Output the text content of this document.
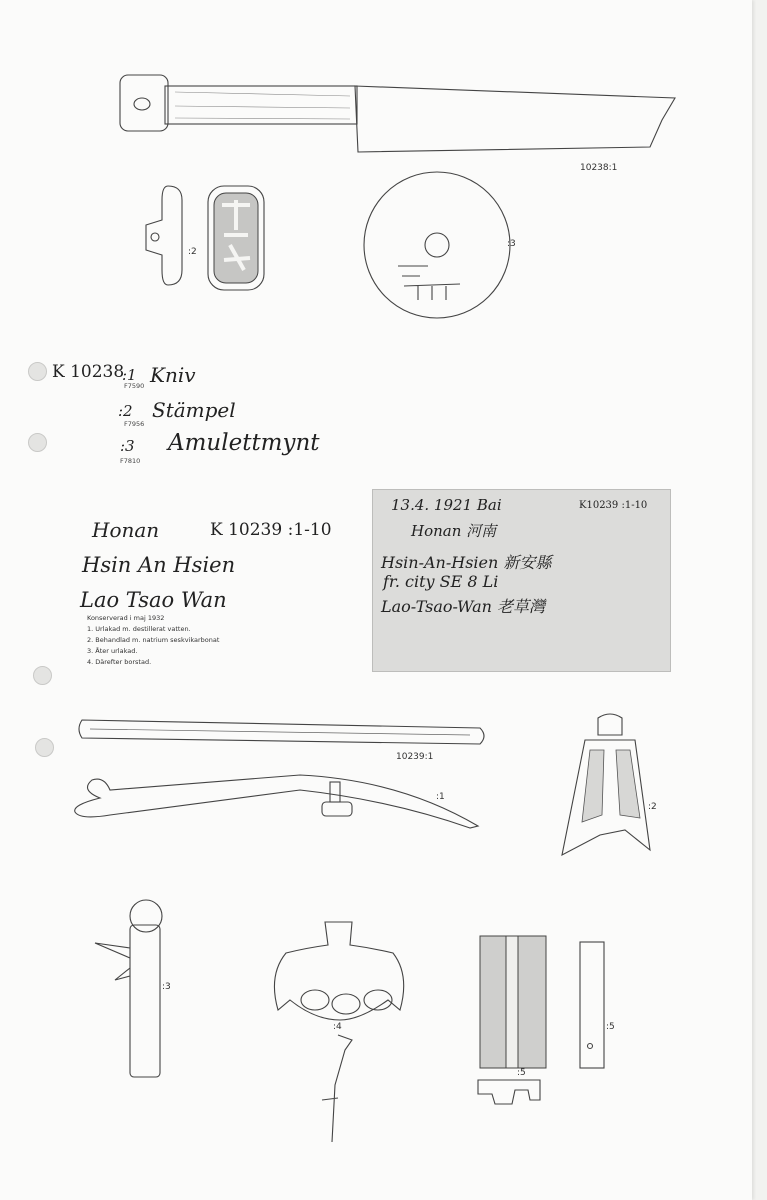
10238:1
:2
:3
K 10238
:1 Kniv
F7590
:2 Stämpel
F7956
:3 Amulettmynt
F7810
Honan	K 10239 :1-10
Hsin An Hsien
Lao Tsao Wan
Konserverad i maj 1932
1. Urlakad m. destillerat vatten.
2. Behandlad m. natrium seskvikarbonat
3. Åter urlakad.
4. Därefter borstad.
13.4. 1921 Bai	K10239 :1-10
Honan 河南
Hsin-An-Hsien 新安縣
fr. city SE 8 Li
Lao-Tsao-Wan 老草灣
10239:1
:1
:2
:3
:4
:5
:5
